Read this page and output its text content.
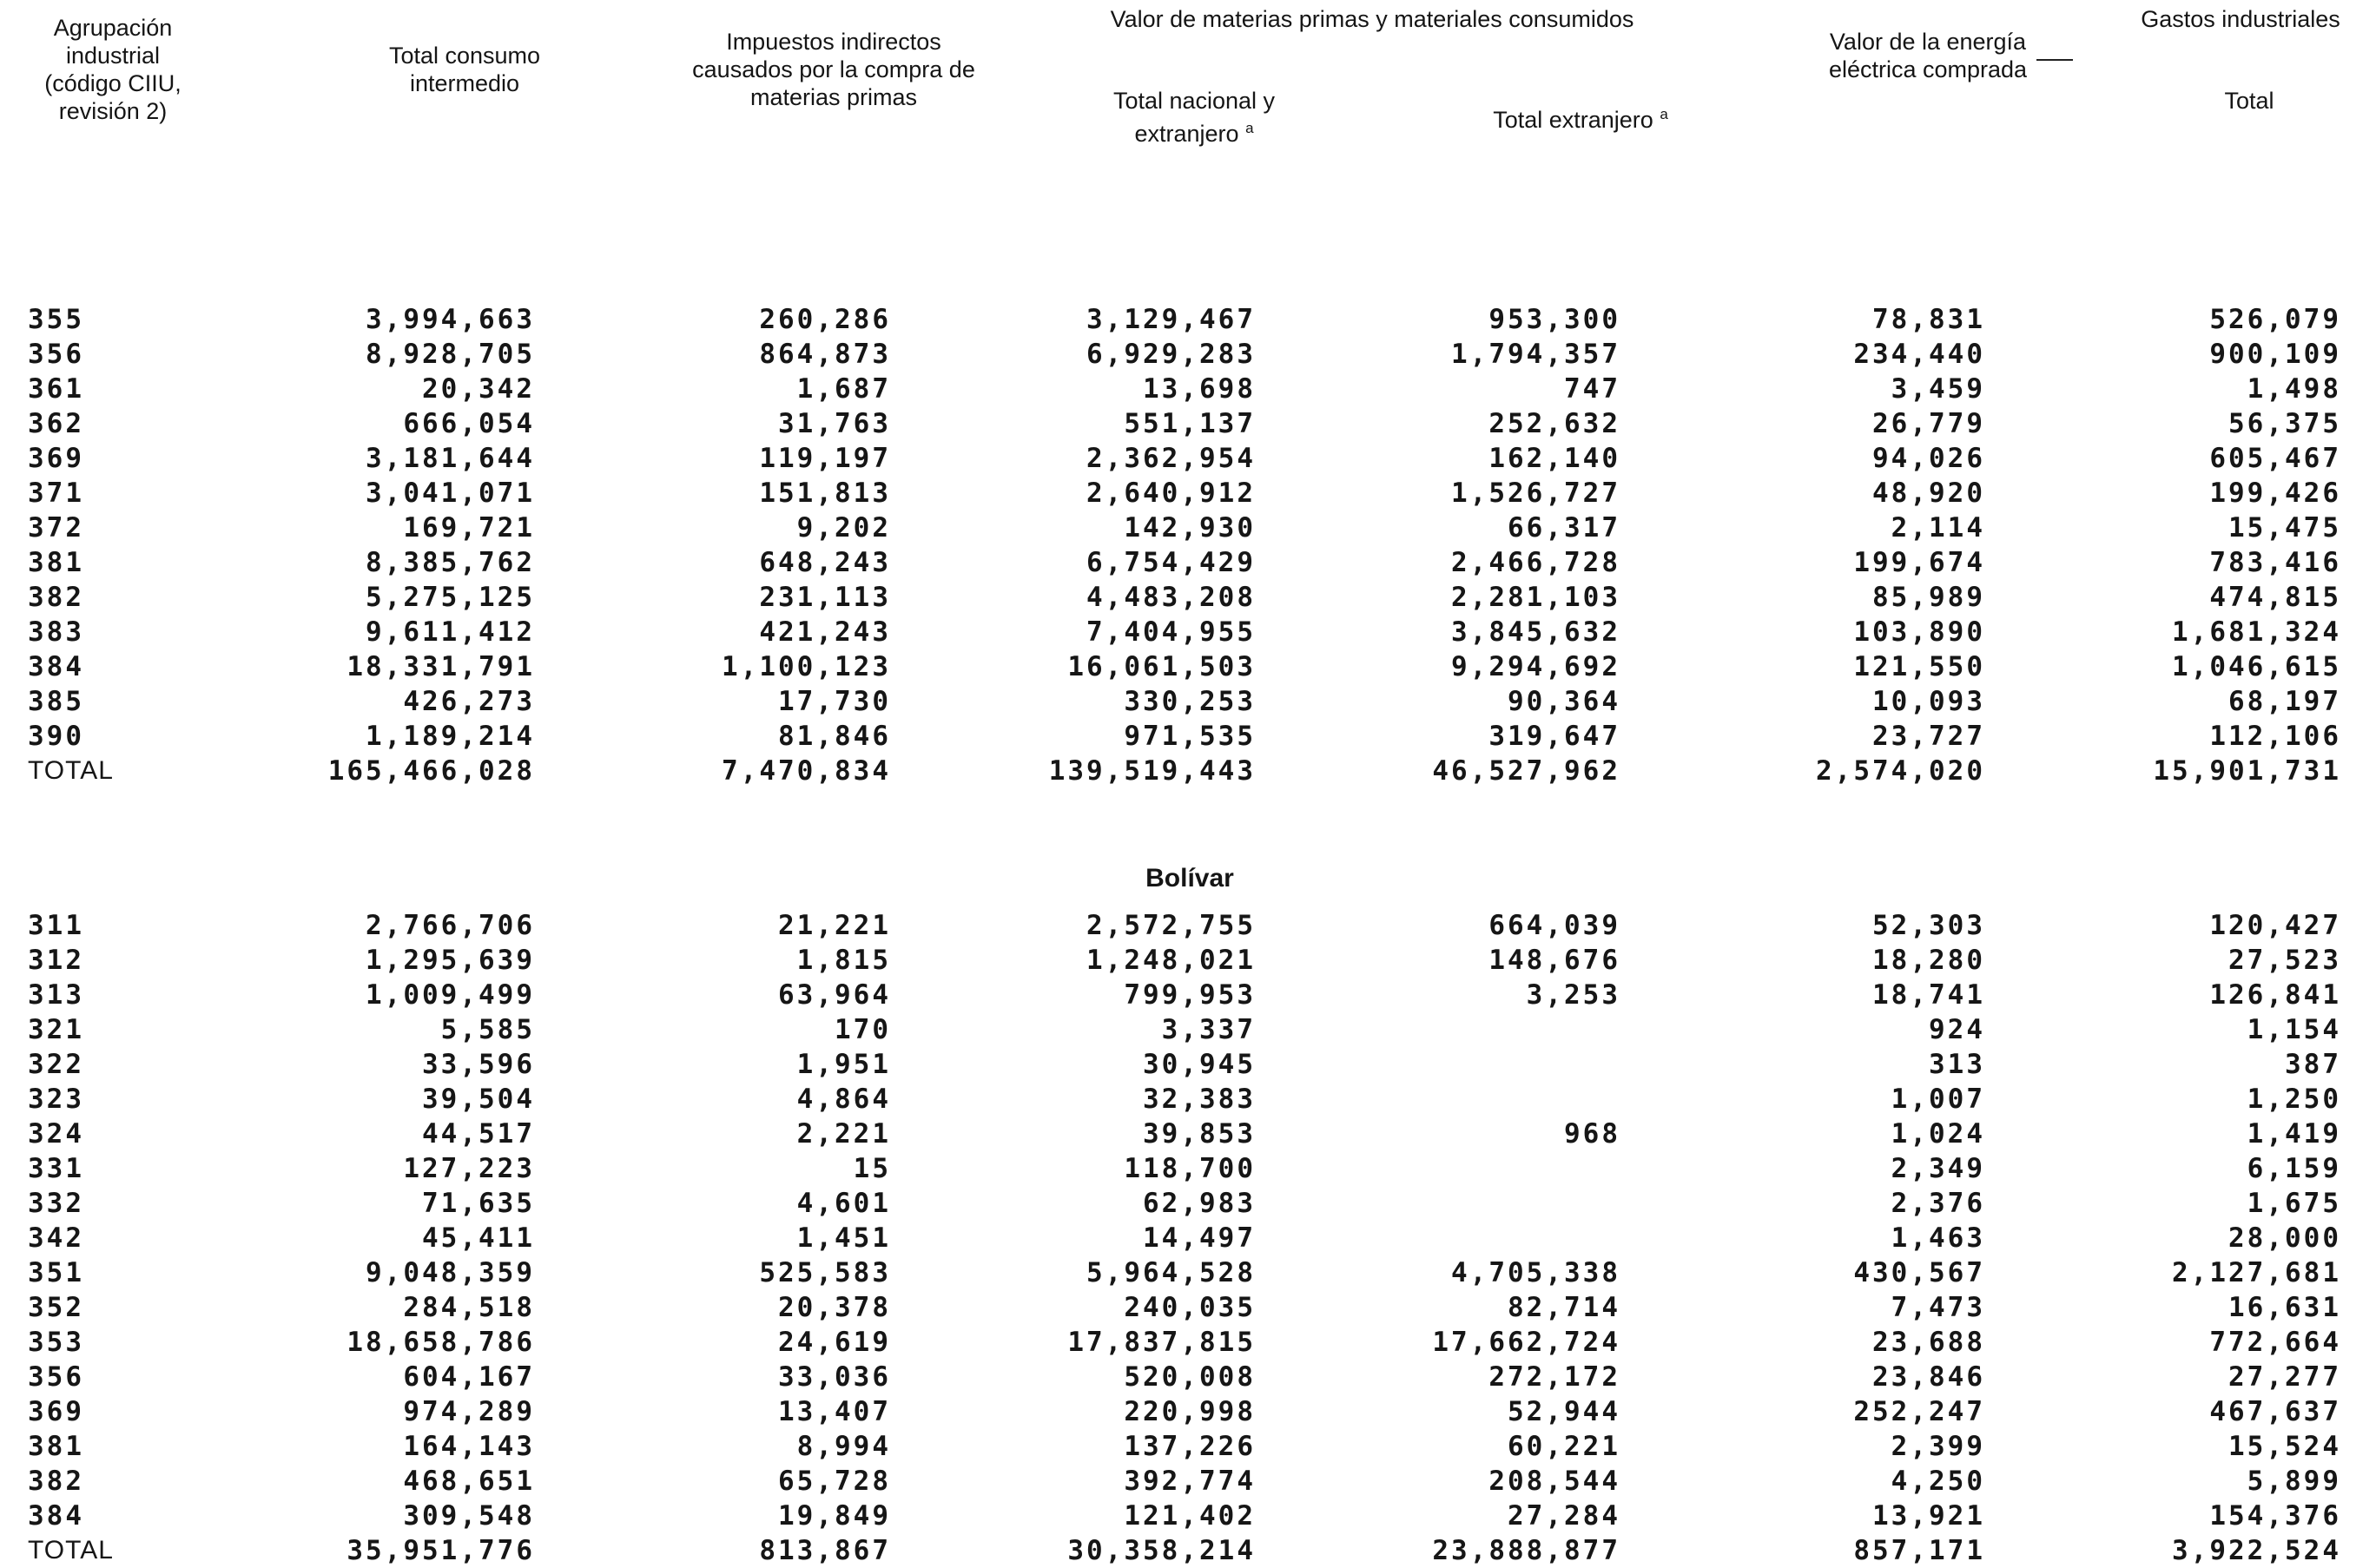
Agrupación
industrial
(código CIIU,
revisión 2)
Total consumo
intermedio
Impuestos indirectos
causados por la compra de
materias primas
Valor de materias primas y materiales consumidos
Total nacional y
extranjero $^a$	Total extranjero $^a$
Valor de la energía
eléctrica comprada
Gastos industriales
Total
355	3,994,663	260,286	3,129,467	953,300	78,831	526,079
356	8,928,705	864,873	6,929,283	1,794,357	234,440	900,109
361	20,342	1,687	13,698	747	3,459	1,498
362	666,054	31,763	551,137	252,632	26,779	56,375
369	3,181,644	119,197	2,362,954	162,140	94,026	605,467
371	3,041,071	151,813	2,640,912	1,526,727	48,920	199,426
372	169,721	9,202	142,930	66,317	2,114	15,475
381	8,385,762	648,243	6,754,429	2,466,728	199,674	783,416
382	5,275,125	231,113	4,483,208	2,281,103	85,989	474,815
383	9,611,412	421,243	7,404,955	3,845,632	103,890	1,681,324
384	18,331,791	1,100,123	16,061,503	9,294,692	121,550	1,046,615
385	426,273	17,730	330,253	90,364	10,093	68,197
390	1,189,214	81,846	971,535	319,647	23,727	112,106
TOTAL	165,466,028	7,470,834	139,519,443	46,527,962	2,574,020	15,901,731
Bolívar
311	2,766,706	21,221	2,572,755	664,039	52,303	120,427
312	1,295,639	1,815	1,248,021	148,676	18,280	27,523
313	1,009,499	63,964	799,953	3,253	18,741	126,841
321	5,585	170	3,337		924	1,154
322	33,596	1,951	30,945		313	387
323	39,504	4,864	32,383		1,007	1,250
324	44,517	2,221	39,853	968	1,024	1,419
331	127,223	15	118,700		2,349	6,159
332	71,635	4,601	62,983		2,376	1,675
342	45,411	1,451	14,497		1,463	28,000
351	9,048,359	525,583	5,964,528	4,705,338	430,567	2,127,681
352	284,518	20,378	240,035	82,714	7,473	16,631
353	18,658,786	24,619	17,837,815	17,662,724	23,688	772,664
356	604,167	33,036	520,008	272,172	23,846	27,277
369	974,289	13,407	220,998	52,944	252,247	467,637
381	164,143	8,994	137,226	60,221	2,399	15,524
382	468,651	65,728	392,774	208,544	4,250	5,899
384	309,548	19,849	121,402	27,284	13,921	154,376
TOTAL	35,951,776	813,867	30,358,214	23,888,877	857,171	3,922,524
